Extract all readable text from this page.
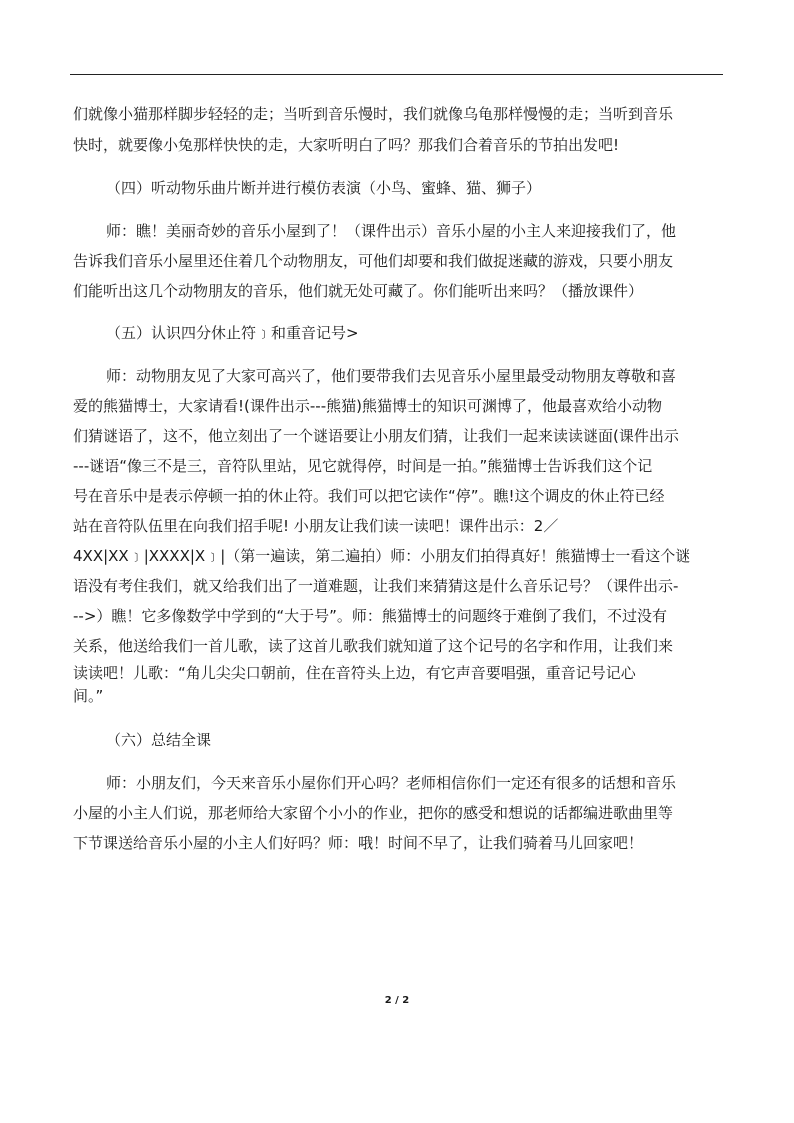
们就像小猫那样脚步轻轻的走；当听到音乐慢时，我们就像乌龟那样慢慢的走；当听到音乐
快时，就要像小兔那样快快的走，大家听明白了吗？那我们合着音乐的节拍出发吧!
（四）听动物乐曲片断并进行模仿表演（小鸟、蜜蜂、猫、狮子）
师：瞧！美丽奇妙的音乐小屋到了！（课件出示）音乐小屋的小主人来迎接我们了，他
告诉我们音乐小屋里还住着几个动物朋友，可他们却要和我们做捉迷藏的游戏，只要小朋友
们能听出这几个动物朋友的音乐，他们就无处可藏了。你们能听出来吗？（播放课件）
（五）认识四分休止符﹞和重音记号>
师：动物朋友见了大家可高兴了，他们要带我们去见音乐小屋里最受动物朋友尊敬和喜
爱的熊猫博士，大家请看!(课件出示---熊猫)熊猫博士的知识可渊博了，他最喜欢给小动物
们猜谜语了，这不，他立刻出了一个谜语要让小朋友们猜，让我们一起来读读谜面(课件出示
---谜语“像三不是三，音符队里站，见它就得停，时间是一拍。”熊猫博士告诉我们这个记
号在音乐中是表示停顿一拍的休止符。我们可以把它读作“停”。瞧!这个调皮的休止符已经
站在音符队伍里在向我们招手呢! 小朋友让我们读一读吧！课件出示：2／
4XX|XX﹞|XXXX|X﹞|（第一遍读，第二遍拍）师：小朋友们拍得真好！熊猫博士一看这个谜
语没有考住我们，就又给我们出了一道难题，让我们来猜猜这是什么音乐记号？（课件出示-
-->）瞧！它多像数学中学到的“大于号”。师：熊猫博士的问题终于难倒了我们，不过没有
关系，他送给我们一首儿歌，读了这首儿歌我们就知道了这个记号的名字和作用，让我们来
读读吧！儿歌：“角儿尖尖口朝前，住在音符头上边，有它声音要唱强，重音记号记心
间。”
（六）总结全课
师：小朋友们，今天来音乐小屋你们开心吗？老师相信你们一定还有很多的话想和音乐
小屋的小主人们说，那老师给大家留个小小的作业，把你的感受和想说的话都编进歌曲里等
下节课送给音乐小屋的小主人们好吗？师：哦！时间不早了，让我们骑着马儿回家吧！
2 / 2
